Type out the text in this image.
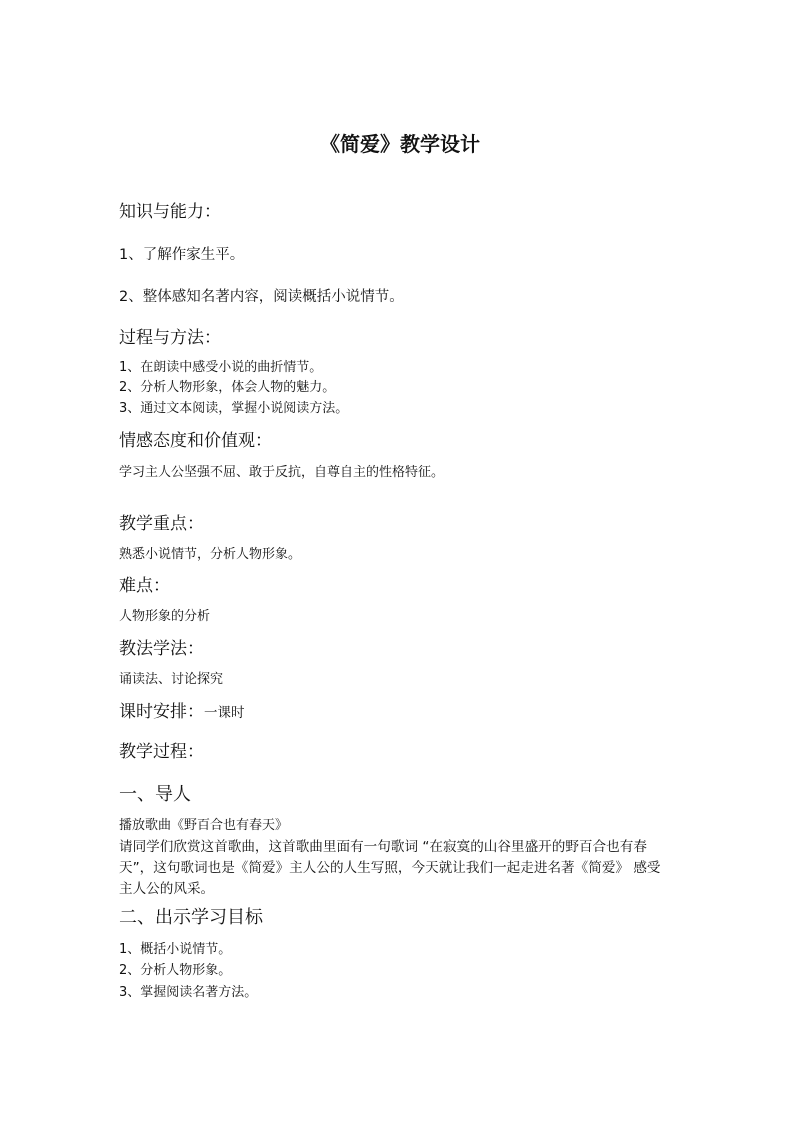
《简爱》教学设计
知识与能力：
1、了解作家生平。
2、整体感知名著内容，阅读概括小说情节。
过程与方法：
1、在朗读中感受小说的曲折情节。
2、分析人物形象，体会人物的魅力。
3、通过文本阅读，掌握小说阅读方法。
情感态度和价值观：
学习主人公坚强不屈、敢于反抗，自尊自主的性格特征。
教学重点：
熟悉小说情节，分析人物形象。
难点：
人物形象的分析
教法学法：
诵读法、讨论探究
课时安排：一课时
教学过程：
一、导人
播放歌曲《野百合也有春天》
请同学们欣赏这首歌曲，这首歌曲里面有一句歌词 “在寂寞的山谷里盛开的野百合也有春
天”，这句歌词也是《简爱》主人公的人生写照，今天就让我们一起走进名著《简爱》 感受
主人公的风采。
二、出示学习目标
1、概括小说情节。
2、分析人物形象。
3、掌握阅读名著方法。
